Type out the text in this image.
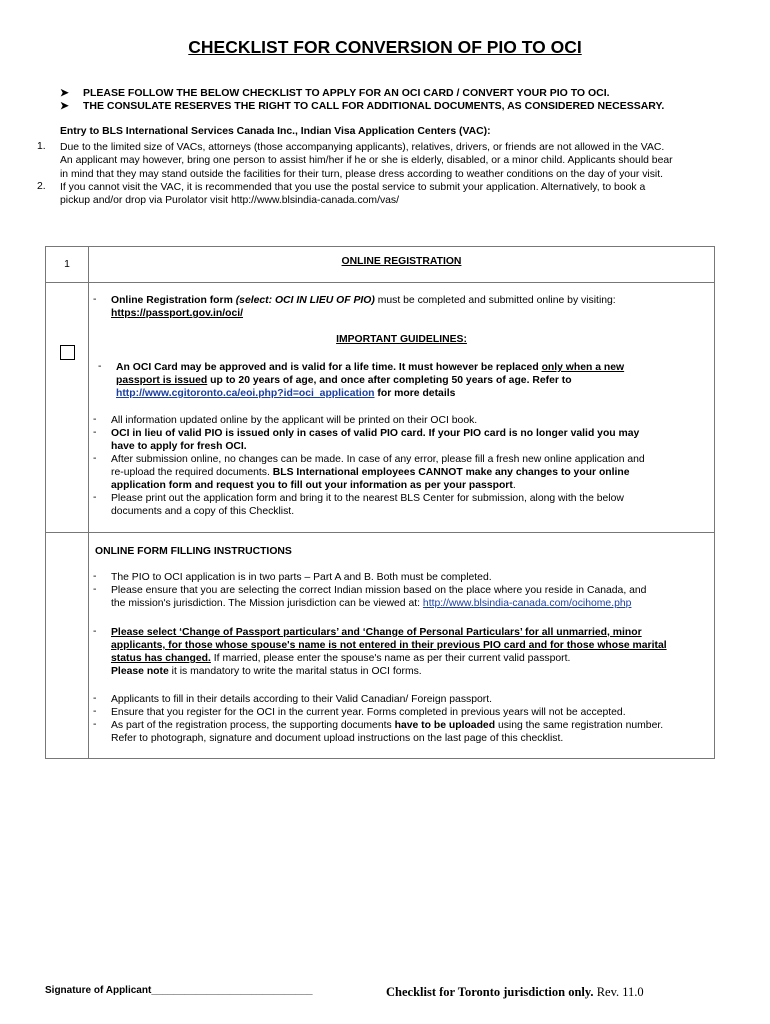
CHECKLIST FOR CONVERSION OF PIO TO OCI
➤ PLEASE FOLLOW THE BELOW CHECKLIST TO APPLY FOR AN OCI CARD / CONVERT YOUR PIO TO OCI.
➤ THE CONSULATE RESERVES THE RIGHT TO CALL FOR ADDITIONAL DOCUMENTS, AS CONSIDERED NECESSARY.
Entry to BLS International Services Canada Inc., Indian Visa Application Centers (VAC):
1. Due to the limited size of VACs, attorneys (those accompanying applicants), relatives, drivers, or friends are not allowed in the VAC.
An applicant may however, bring one person to assist him/her if he or she is elderly, disabled, or a minor child. Applicants should bear
in mind that they may stand outside the facilities for their turn, please dress according to weather conditions on the day of your visit.
2. If you cannot visit the VAC, it is recommended that you use the postal service to submit your application. Alternatively, to book a
pickup and/or drop via Purolator visit http://www.blsindia-canada.com/vas/
1	ONLINE REGISTRATION

- Online Registration form (select: OCI IN LIEU OF PIO) must be completed and submitted online by visiting:
https://passport.gov.in/oci/
IMPORTANT GUIDELINES:
- An OCI Card may be approved and is valid for a life time. It must however be replaced only when a new
passport is issued up to 20 years of age, and once after completing 50 years of age. Refer to
http://www.cgitoronto.ca/eoi.php?id=oci_application for more details
- All information updated online by the applicant will be printed on their OCI book.
- OCI in lieu of valid PIO is issued only in cases of valid PIO card. If your PIO card is no longer valid you may
have to apply for fresh OCI.
- After submission online, no changes can be made. In case of any error, please fill a fresh new online application and
re-upload the required documents. BLS International employees CANNOT make any changes to your online
application form and request you to fill out your information as per your passport.
- Please print out the application form and bring it to the nearest BLS Center for submission, along with the below
documents and a copy of this Checklist.
ONLINE FORM FILLING INSTRUCTIONS
- The PIO to OCI application is in two parts – Part A and B. Both must be completed.
- Please ensure that you are selecting the correct Indian mission based on the place where you reside in Canada, and
the mission's jurisdiction. The Mission jurisdiction can be viewed at: http://www.blsindia-canada.com/ocihome.php
- Please select ‘Change of Passport particulars’ and ‘Change of Personal Particulars’ for all unmarried, minor
applicants, for those whose spouse's name is not entered in their previous PIO card and for those whose marital
status has changed. If married, please enter the spouse's name as per their current valid passport.
Please note it is mandatory to write the marital status in OCI forms.
- Applicants to fill in their details according to their Valid Canadian/ Foreign passport.
- Ensure that you register for the OCI in the current year. Forms completed in previous years will not be accepted.
- As part of the registration process, the supporting documents have to be uploaded using the same registration number.
Refer to photograph, signature and document upload instructions on the last page of this checklist.
Signature of Applicant_____________________________	Checklist for Toronto jurisdiction only. Rev. 11.0
